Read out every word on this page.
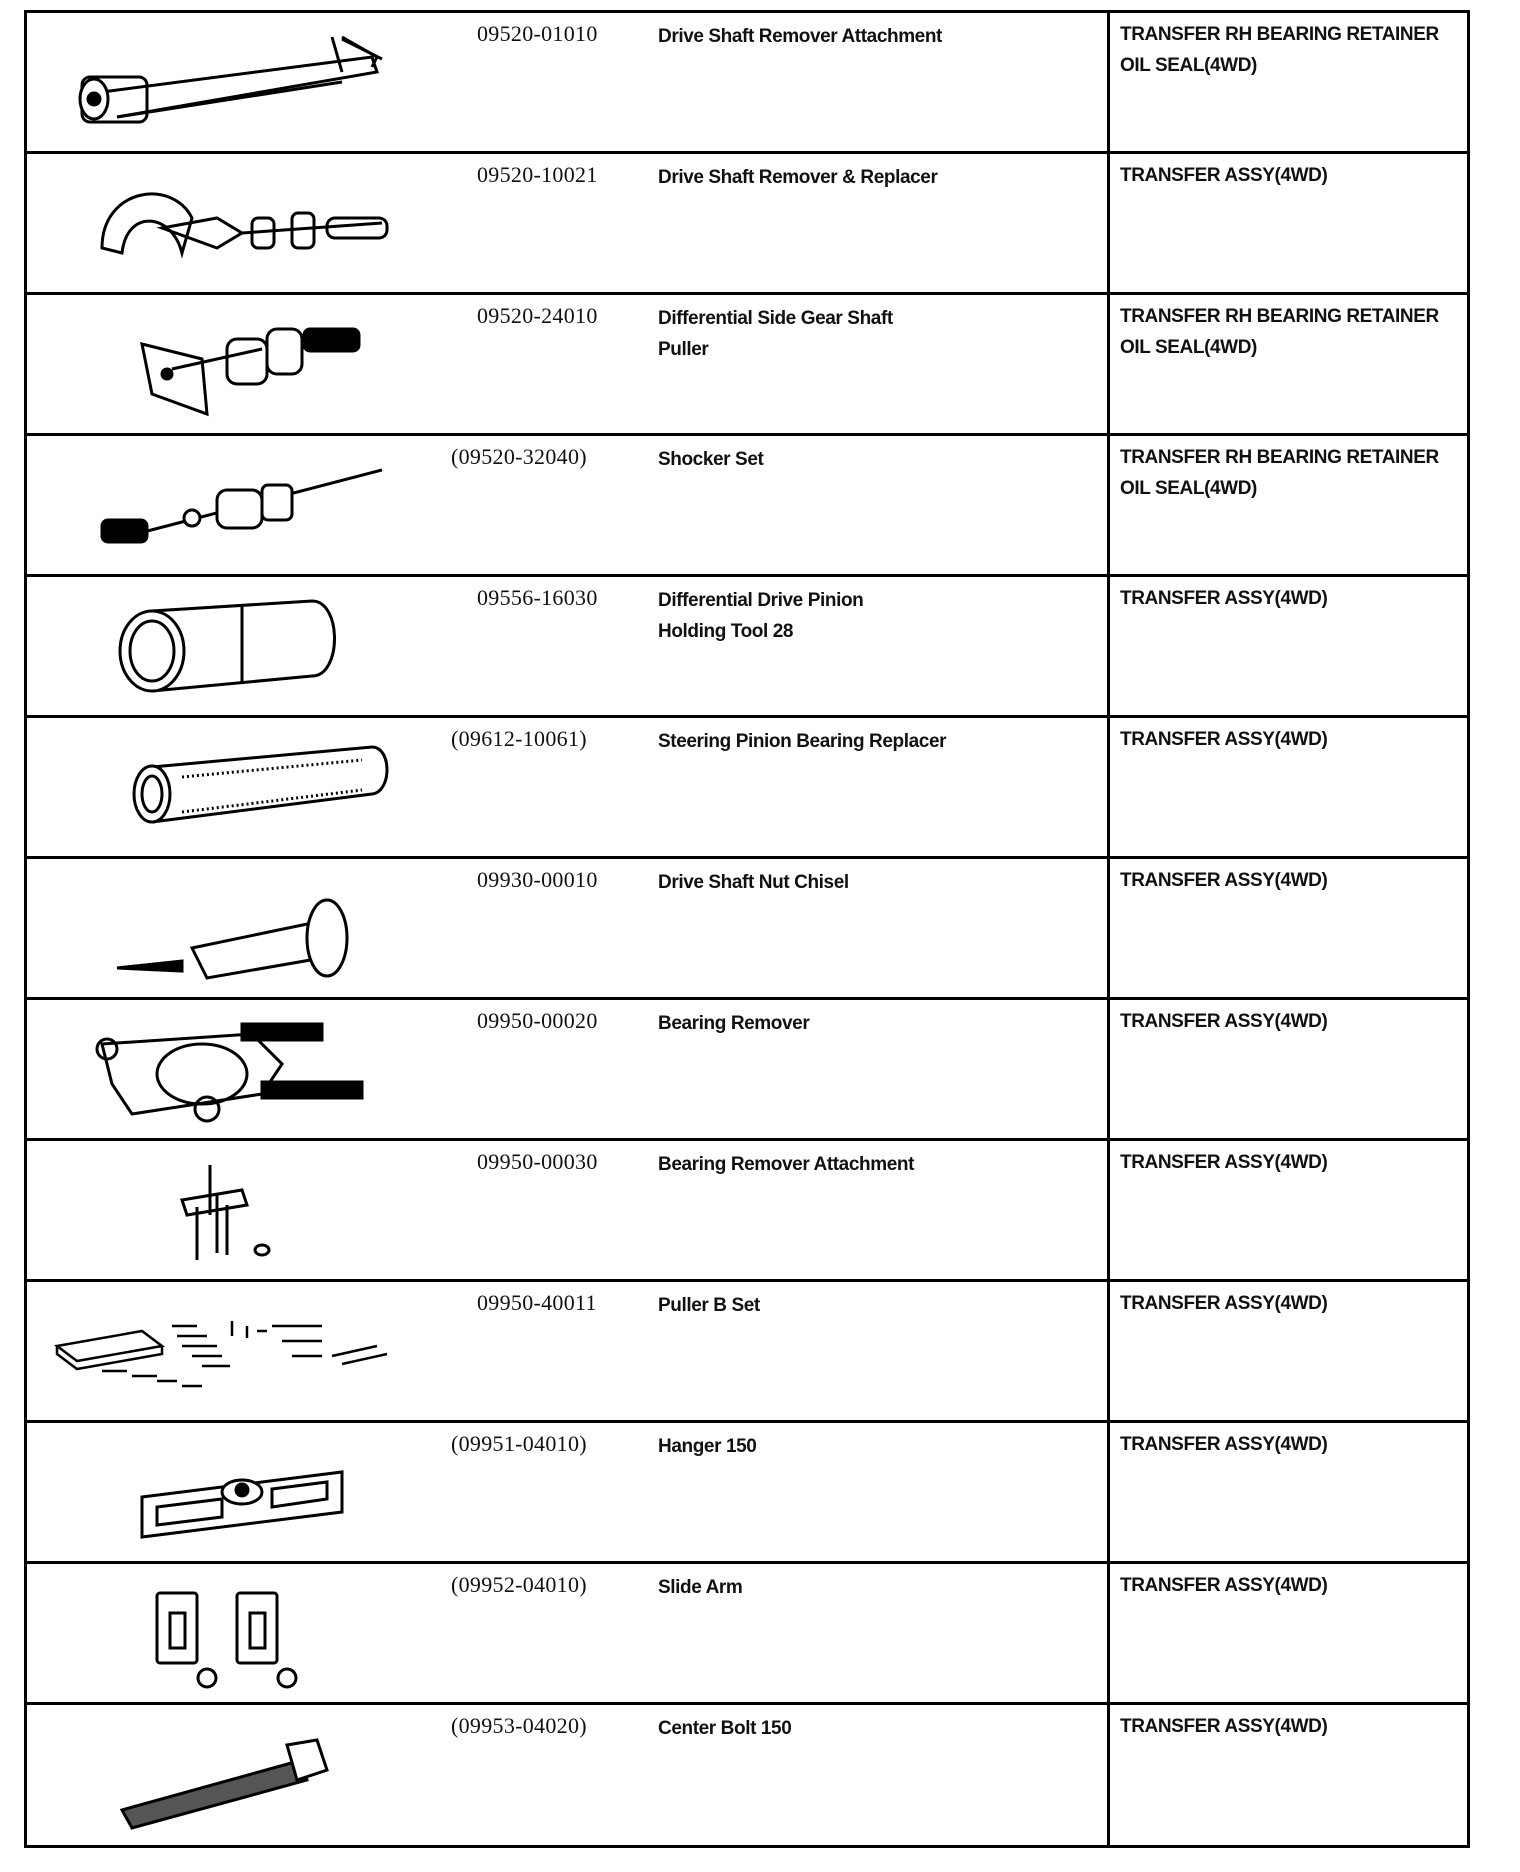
09520-01010	Drive Shaft Remover Attachment	TRANSFER RH BEARING RETAINER
OIL SEAL(4WD)
09520-10021	Drive Shaft Remover & Replacer	TRANSFER ASSY(4WD)
09520-24010	Differential Side Gear Shaft
Puller
TRANSFER RH BEARING RETAINER
OIL SEAL(4WD)
(09520-32040)	Shocker Set	TRANSFER RH BEARING RETAINER
OIL SEAL(4WD)
09556-16030	Differential Drive Pinion
Holding Tool 28
TRANSFER ASSY(4WD)
(09612-10061)	Steering Pinion Bearing Replacer	TRANSFER ASSY(4WD)
09930-00010	Drive Shaft Nut Chisel	TRANSFER ASSY(4WD)
09950-00020	Bearing Remover	TRANSFER ASSY(4WD)
09950-00030	Bearing Remover Attachment	TRANSFER ASSY(4WD)
09950-40011	Puller B Set	TRANSFER ASSY(4WD)
(09951-04010)	Hanger 150	TRANSFER ASSY(4WD)
(09952-04010)	Slide Arm	TRANSFER ASSY(4WD)
(09953-04020)	Center Bolt 150	TRANSFER ASSY(4WD)
